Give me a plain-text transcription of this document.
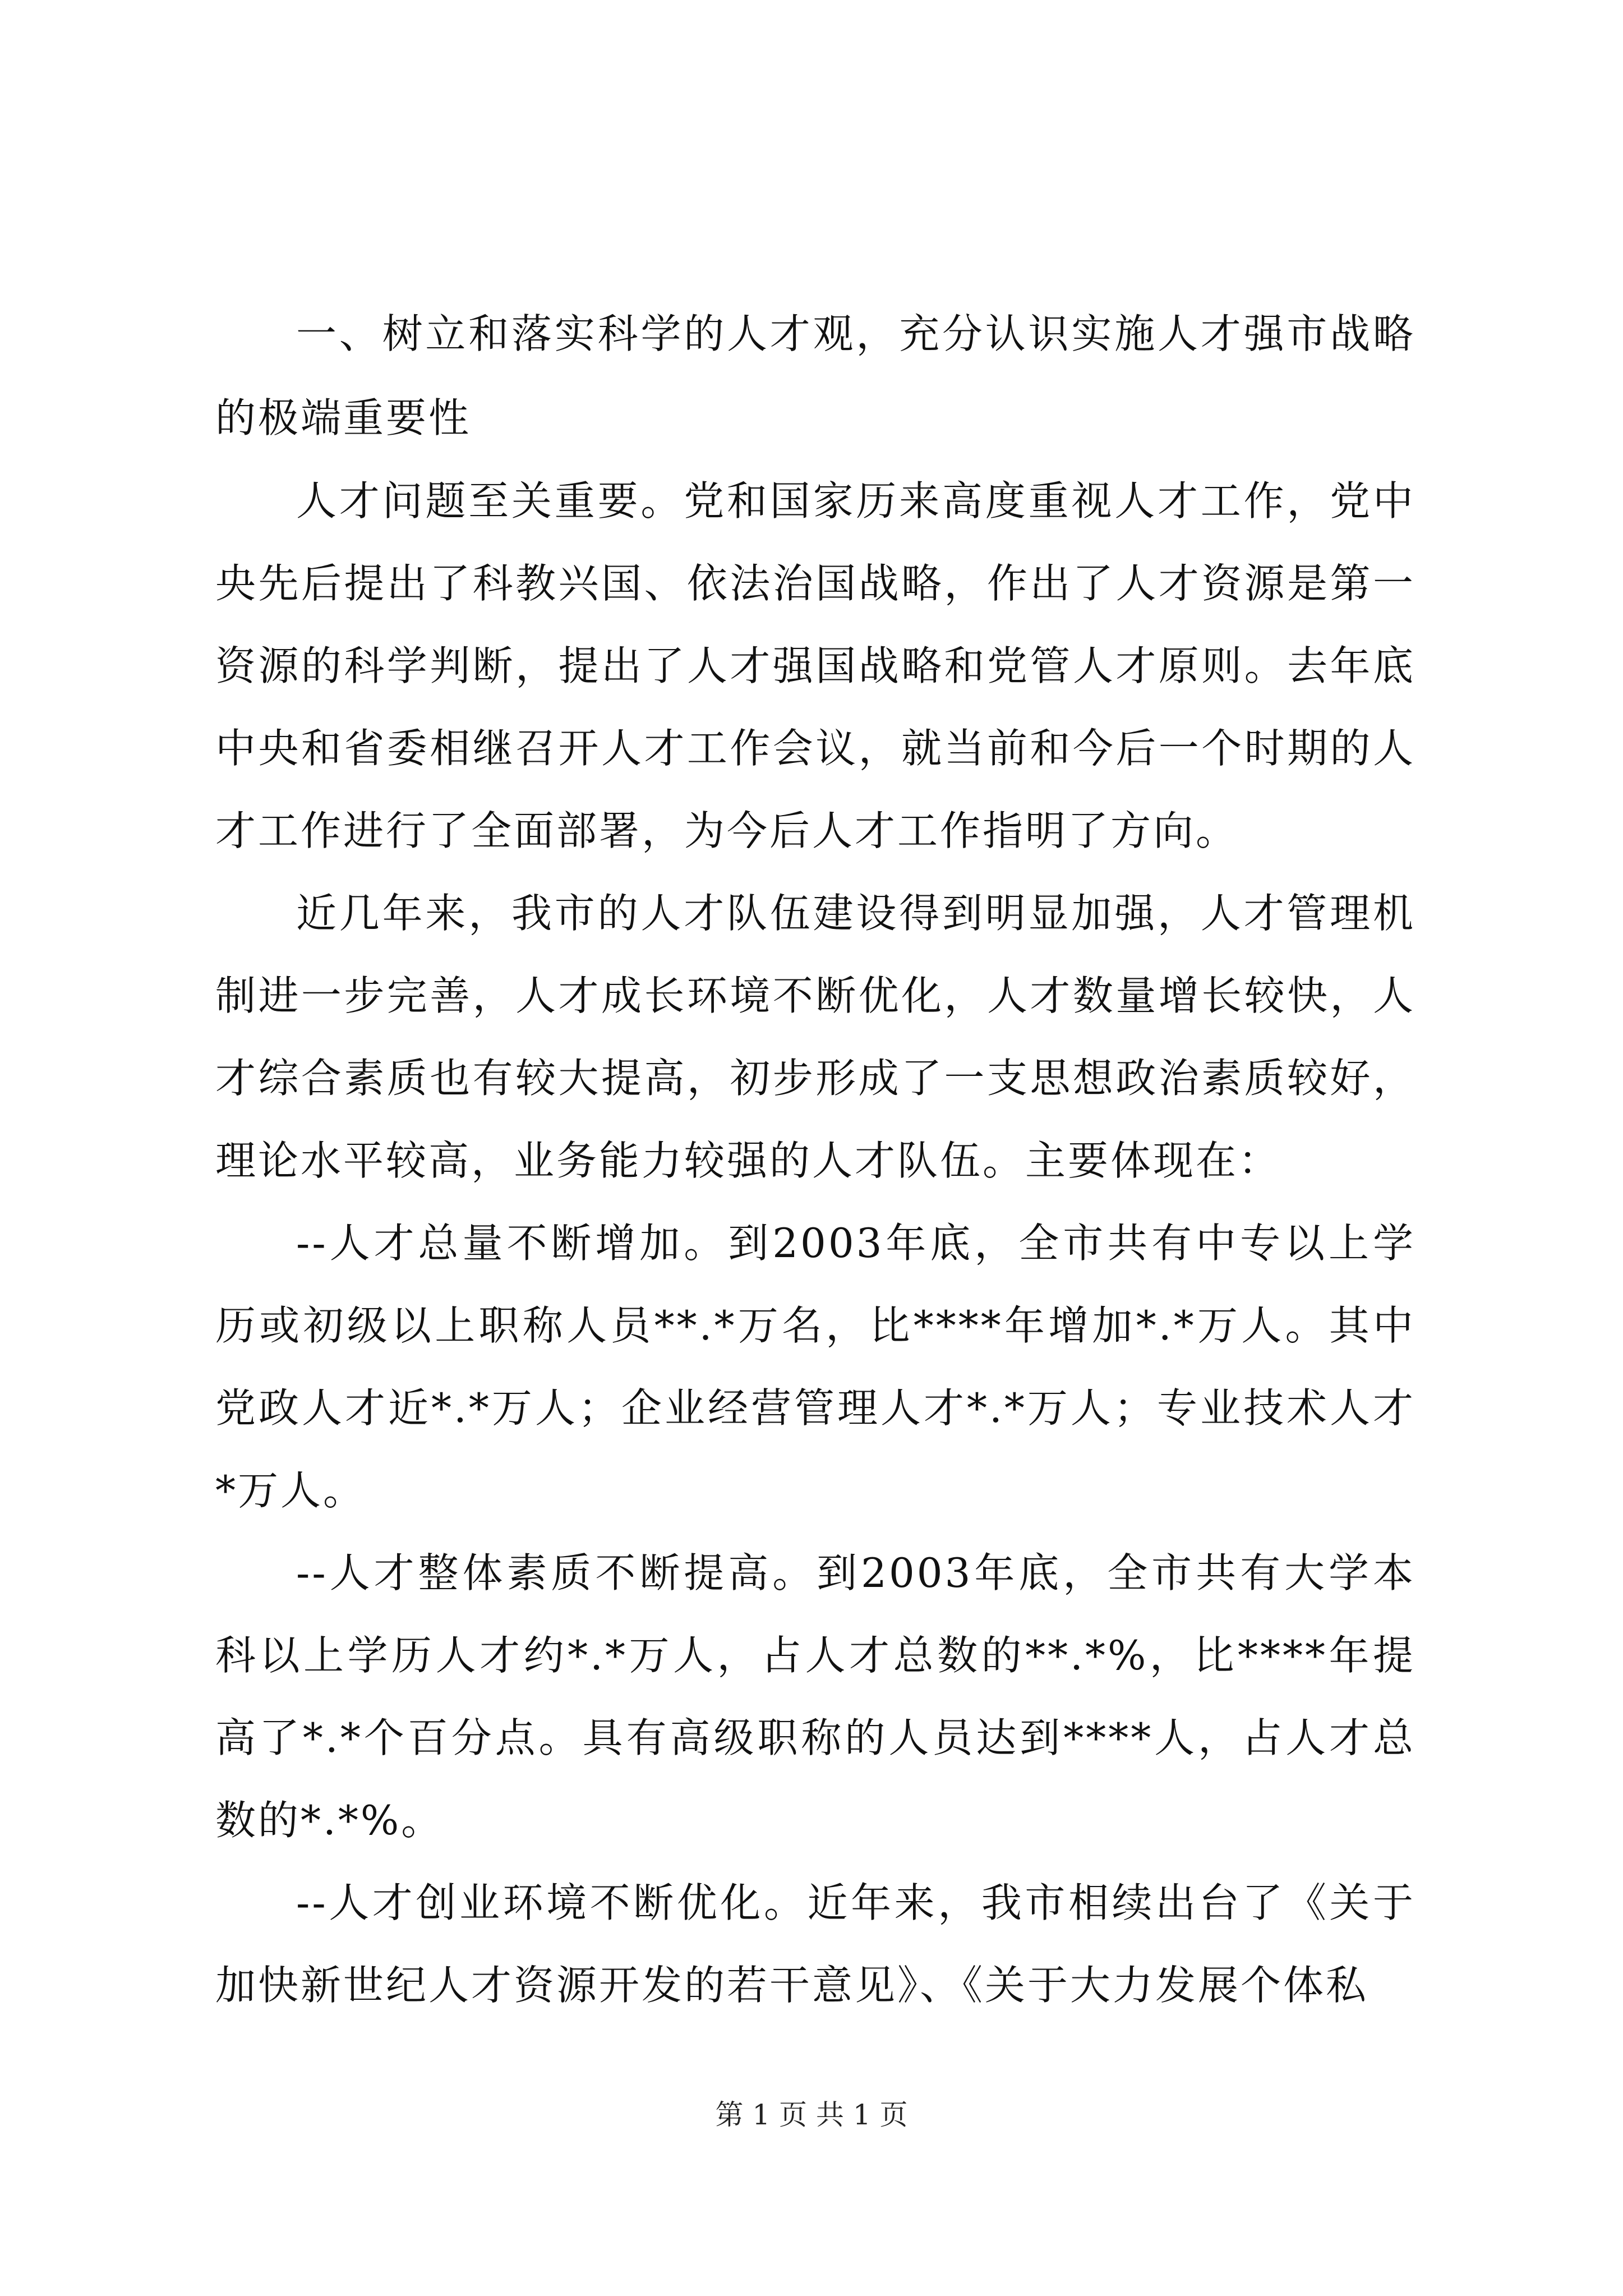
一、树立和落实科学的人才观，充分认识实施人才强市战略的极端重要性

人才问题至关重要。党和国家历来高度重视人才工作，党中央先后提出了科教兴国、依法治国战略，作出了人才资源是第一资源的科学判断，提出了人才强国战略和党管人才原则。去年底中央和省委相继召开人才工作会议，就当前和今后一个时期的人才工作进行了全面部署，为今后人才工作指明了方向。

近几年来，我市的人才队伍建设得到明显加强，人才管理机制进一步完善，人才成长环境不断优化，人才数量增长较快，人才综合素质也有较大提高，初步形成了一支思想政治素质较好，理论水平较高，业务能力较强的人才队伍。主要体现在：

--人才总量不断增加。到2003年底，全市共有中专以上学历或初级以上职称人员**.*万名，比****年增加*.*万人。其中党政人才近*.*万人；企业经营管理人才*.*万人；专业技术人才*万人。

--人才整体素质不断提高。到2003年底，全市共有大学本科以上学历人才约*.*万人，占人才总数的**.*%，比****年提高了*.*个百分点。具有高级职称的人员达到****人，占人才总数的*.*%。

--人才创业环境不断优化。近年来，我市相续出台了《关于加快新世纪人才资源开发的若干意见》、《关于大力发展个体私

第 1 页 共 1 页
